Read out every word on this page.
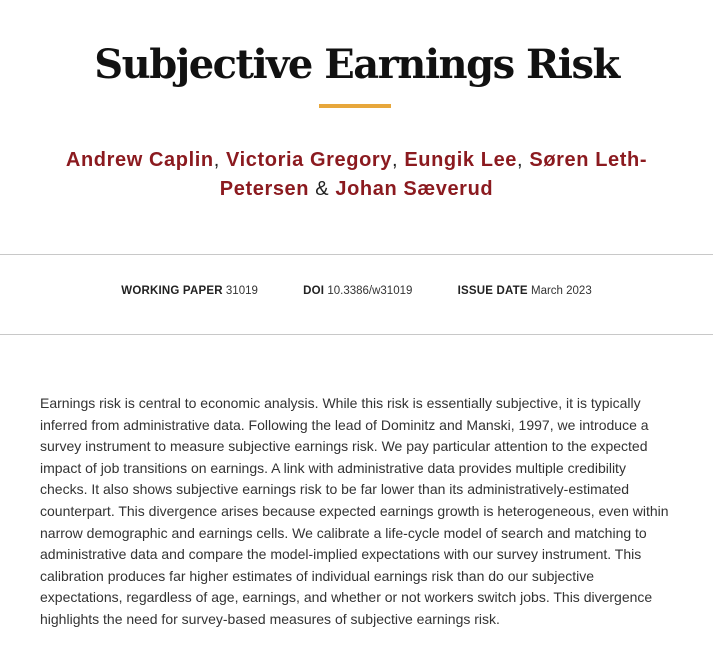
Subjective Earnings Risk
Andrew Caplin, Victoria Gregory, Eungik Lee, Søren Leth-Petersen & Johan Sæverud
WORKING PAPER 31019	DOI 10.3386/w31019	ISSUE DATE March 2023

Earnings risk is central to economic analysis. While this risk is essentially subjective, it is typically inferred from administrative data. Following the lead of Dominitz and Manski, 1997, we introduce a survey instrument to measure subjective earnings risk. We pay particular attention to the expected impact of job transitions on earnings. A link with administrative data provides multiple credibility checks. It also shows subjective earnings risk to be far lower than its administratively-estimated counterpart. This divergence arises because expected earnings growth is heterogeneous, even within narrow demographic and earnings cells. We calibrate a life-cycle model of search and matching to administrative data and compare the model-implied expectations with our survey instrument. This calibration produces far higher estimates of individual earnings risk than do our subjective expectations, regardless of age, earnings, and whether or not workers switch jobs. This divergence highlights the need for survey-based measures of subjective earnings risk.
